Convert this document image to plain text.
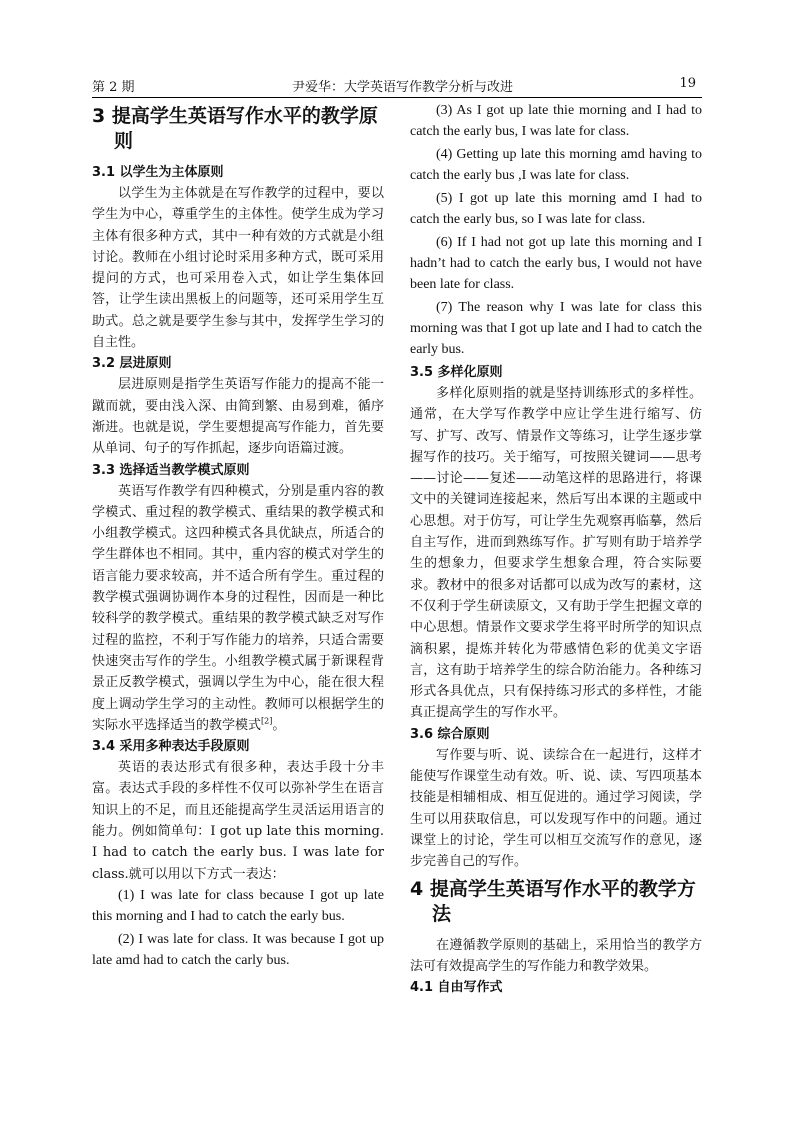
第 2 期	尹爱华：大学英语写作教学分析与改进	19
3 提高学生英语写作水平的教学原则
3.1 以学生为主体原则

以学生为主体就是在写作教学的过程中，要以学生为中心，尊重学生的主体性。使学生成为学习主体有很多种方式，其中一种有效的方式就是小组讨论。教师在小组讨论时采用多种方式，既可采用提问的方式，也可采用卷入式，如让学生集体回答，让学生读出黑板上的问题等，还可采用学生互助式。总之就是要学生参与其中，发挥学生学习的自主性。

3.2 层进原则

层进原则是指学生英语写作能力的提高不能一蹴而就，要由浅入深、由简到繁、由易到难，循序渐进。也就是说，学生要想提高写作能力，首先要从单词、句子的写作抓起，逐步向语篇过渡。

3.3 选择适当教学模式原则

英语写作教学有四种模式，分别是重内容的教学模式、重过程的教学模式、重结果的教学模式和小组教学模式。这四种模式各具优缺点，所适合的学生群体也不相同。其中，重内容的模式对学生的语言能力要求较高，并不适合所有学生。重过程的教学模式强调协调作本身的过程性，因而是一种比较科学的教学模式。重结果的教学模式缺乏对写作过程的监控，不利于写作能力的培养，只适合需要快速突击写作的学生。小组教学模式属于新课程背景正反教学模式，强调以学生为中心，能在很大程度上调动学生学习的主动性。教师可以根据学生的实际水平选择适当的教学模式[2]。

3.4 采用多种表达手段原则

英语的表达形式有很多种，表达手段十分丰富。表达式手段的多样性不仅可以弥补学生在语言知识上的不足，而且还能提高学生灵活运用语言的能力。例如简单句：I got up late this morning. I had to catch the early bus. I was late for class.就可以用以下方式一表达：

(1) I was late for class because I got up late this morning and I had to catch the early bus.

(2) I was late for class. It was because I got up late amd had to catch the carly bus.

(3) As I got up late thie morning and I had to catch the early bus, I was late for class.

(4) Getting up late this morning amd having to catch the early bus ,I was late for class.

(5) I got up late this morning amd I had to catch the early bus, so I was late for class.

(6) If I had not got up late this morning and I hadn’t had to catch the early bus, I would not have been late for class.

(7) The reason why I was late for class this morning was that I got up late and I had to catch the early bus.

3.5 多样化原则

多样化原则指的就是坚持训练形式的多样性。通常，在大学写作教学中应让学生进行缩写、仿写、扩写、改写、情景作文等练习，让学生逐步掌握写作的技巧。关于缩写，可按照关键词——思考——讨论——复述——动笔这样的思路进行，将课文中的关键词连接起来，然后写出本课的主题或中心思想。对于仿写，可让学生先观察再临摹，然后自主写作，进而到熟练写作。扩写则有助于培养学生的想象力，但要求学生想象合理，符合实际要求。教材中的很多对话都可以成为改写的素材，这不仅利于学生研读原文，又有助于学生把握文章的中心思想。情景作文要求学生将平时所学的知识点滴积累，提炼并转化为带感情色彩的优美文字语言，这有助于培养学生的综合防治能力。各种练习形式各具优点，只有保持练习形式的多样性，才能真正提高学生的写作水平。

3.6 综合原则

写作要与听、说、读综合在一起进行，这样才能使写作课堂生动有效。听、说、读、写四项基本技能是相辅相成、相互促进的。通过学习阅读，学生可以用获取信息，可以发现写作中的问题。通过课堂上的讨论，学生可以相互交流写作的意见，逐步完善自己的写作。

4 提高学生英语写作水平的教学方法

在遵循教学原则的基础上，采用恰当的教学方法可有效提高学生的写作能力和教学效果。

4.1 自由写作式
